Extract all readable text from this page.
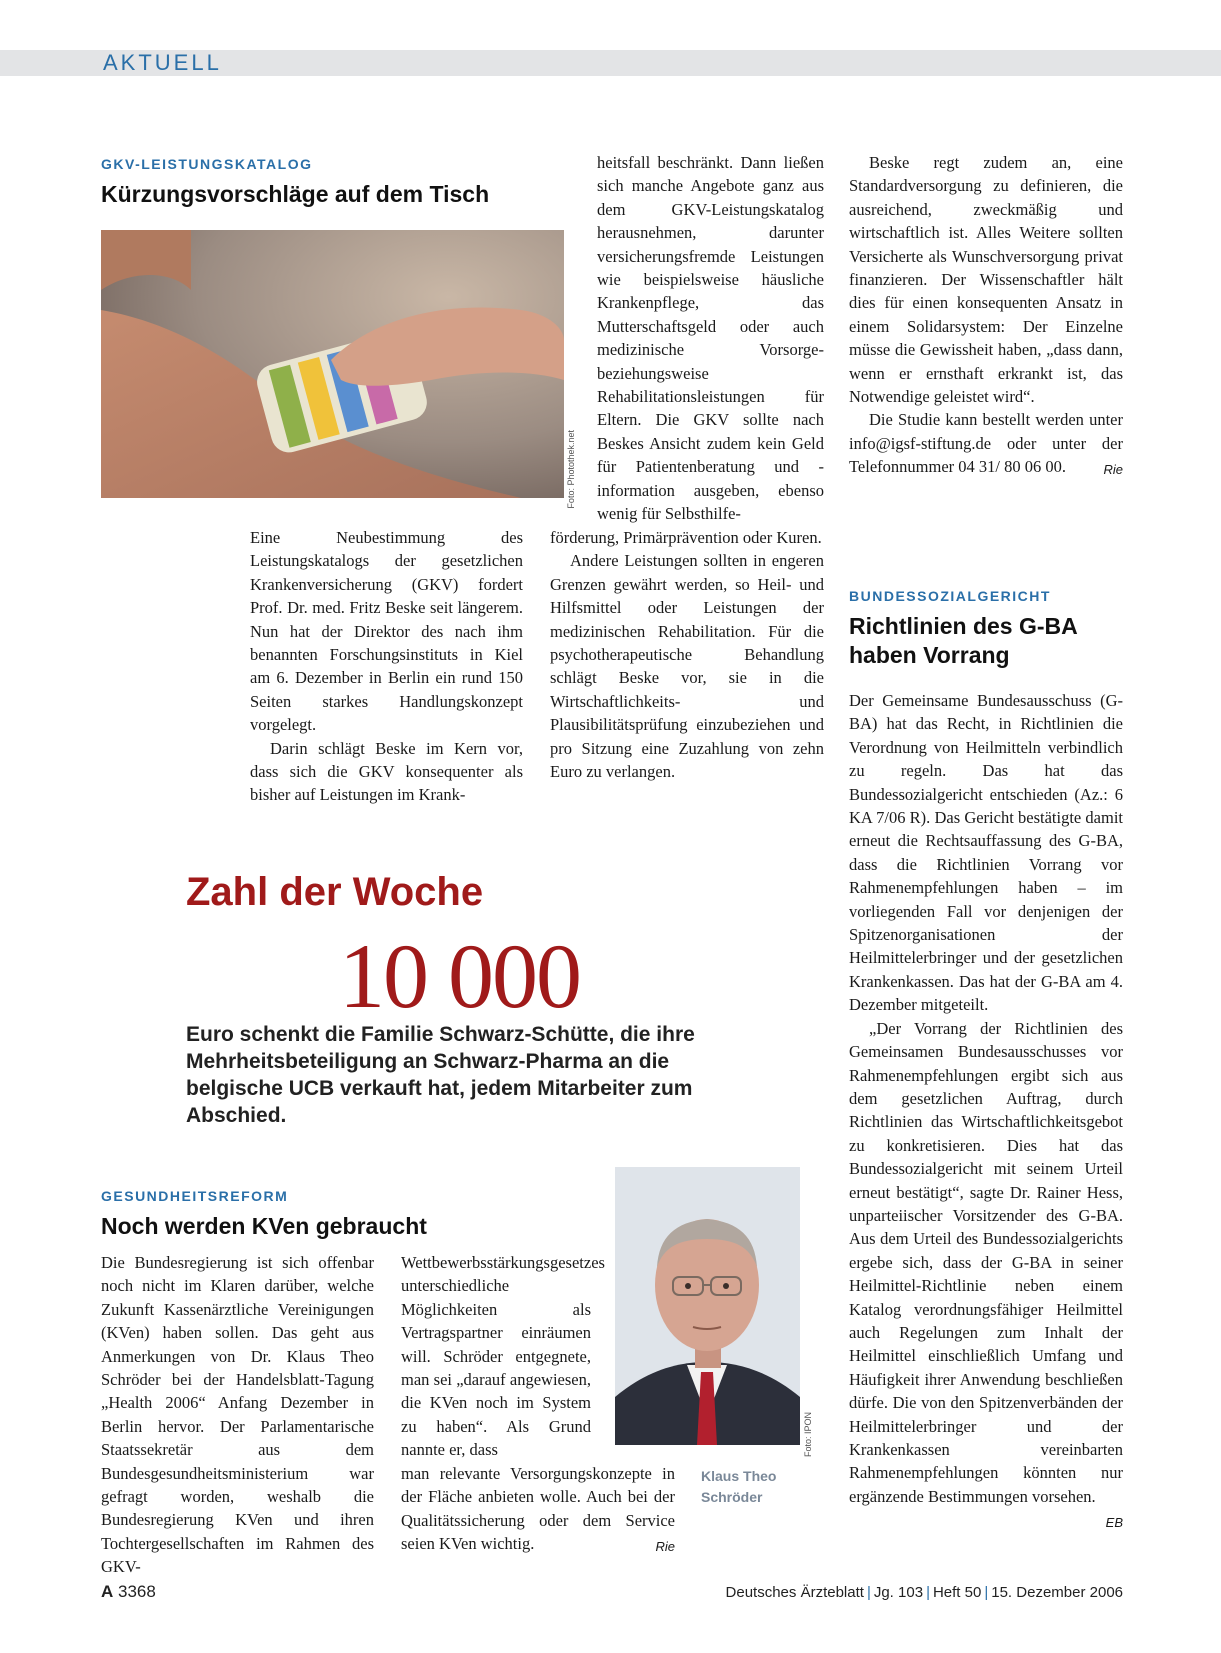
AKTUELL
GKV-LEISTUNGSKATALOG
Kürzungsvorschläge auf dem Tisch
Foto: Photothek.net

Eine Neubestimmung des Leistungskatalogs der gesetzlichen Krankenversicherung (GKV) fordert Prof. Dr. med. Fritz Beske seit längerem. Nun hat der Direktor des nach ihm benannten Forschungsinstituts in Kiel am 6. Dezember in Berlin ein rund 150 Seiten starkes Handlungskonzept vorgelegt.

Darin schlägt Beske im Kern vor, dass sich die GKV konsequenter als bisher auf Leistungen im Krank-

heitsfall beschränkt. Dann ließen sich manche Angebote ganz aus dem GKV-Leistungskatalog herausnehmen, darunter versicherungsfremde Leistungen wie beispielsweise häusliche Krankenpflege, das Mutterschaftsgeld oder auch medizinische Vorsorge- beziehungsweise Rehabilitationsleistungen für Eltern. Die GKV sollte nach Beskes Ansicht zudem kein Geld für Patientenberatung und -information ausgeben, ebenso wenig für Selbsthilfe-

förderung, Primärprävention oder Kuren.

Andere Leistungen sollten in engeren Grenzen gewährt werden, so Heil- und Hilfsmittel oder Leistungen der medizinischen Rehabilitation. Für die psychotherapeutische Behandlung schlägt Beske vor, sie in die Wirtschaftlichkeits- und Plausibilitätsprüfung einzubeziehen und pro Sitzung eine Zuzahlung von zehn Euro zu verlangen.

Beske regt zudem an, eine Standardversorgung zu definieren, die ausreichend, zweckmäßig und wirtschaftlich ist. Alles Weitere sollten Versicherte als Wunschversorgung privat finanzieren. Der Wissenschaftler hält dies für einen konsequenten Ansatz in einem Solidarsystem: Der Einzelne müsse die Gewissheit haben, „dass dann, wenn er ernsthaft erkrankt ist, das Notwendige geleistet wird“.

Die Studie kann bestellt werden unter info@igsf-stiftung.de oder unter der Telefonnummer 04 31/ 80 06 00.	Rie

BUNDESSOZIALGERICHT
Richtlinien des G-BA
haben Vorrang

Der Gemeinsame Bundesausschuss (G-BA) hat das Recht, in Richtlinien die Verordnung von Heilmitteln verbindlich zu regeln. Das hat das Bundessozialgericht entschieden (Az.: 6 KA 7/06 R). Das Gericht bestätigte damit erneut die Rechtsauffassung des G-BA, dass die Richtlinien Vorrang vor Rahmenempfehlungen haben – im vorliegenden Fall vor denjenigen der Spitzenorganisationen der Heilmittelerbringer und der gesetzlichen Krankenkassen. Das hat der G-BA am 4. Dezember mitgeteilt.

„Der Vorrang der Richtlinien des Gemeinsamen Bundesausschusses vor Rahmenempfehlungen ergibt sich aus dem gesetzlichen Auftrag, durch Richtlinien das Wirtschaftlichkeitsgebot zu konkretisieren. Dies hat das Bundessozialgericht mit seinem Urteil erneut bestätigt“, sagte Dr. Rainer Hess, unparteiischer Vorsitzender des G-BA. Aus dem Urteil des Bundessozialgerichts ergebe sich, dass der G-BA in seiner Heilmittel-Richtlinie neben einem Katalog verordnungsfähiger Heilmittel auch Regelungen zum Inhalt der Heilmittel einschließlich Umfang und Häufigkeit ihrer Anwendung beschließen dürfe. Die von den Spitzenverbänden der Heilmittelerbringer und der Krankenkassen vereinbarten Rahmenempfehlungen könnten nur ergänzende Bestimmungen vorsehen.
EB

Zahl der Woche
10 000
Euro schenkt die Familie Schwarz-Schütte, die ihre Mehrheitsbeteiligung an Schwarz-Pharma an die belgische UCB verkauft hat, jedem Mitarbeiter zum Abschied.
GESUNDHEITSREFORM
Noch werden KVen gebraucht

Die Bundesregierung ist sich offenbar noch nicht im Klaren darüber, welche Zukunft Kassenärztliche Vereinigungen (KVen) haben sollen. Das geht aus Anmerkungen von Dr. Klaus Theo Schröder bei der Handelsblatt-Tagung „Health 2006“ Anfang Dezember in Berlin hervor. Der Parlamentarische Staatssekretär aus dem Bundesgesundheitsministerium war gefragt worden, weshalb die Bundesregierung KVen und ihren Tochtergesellschaften im Rahmen des GKV-

Wettbewerbsstärkungsgesetzes unterschiedliche Möglichkeiten als Vertragspartner einräumen will. Schröder entgegnete, man sei „darauf angewiesen, die KVen noch im System zu haben“. Als Grund nannte er, dass

man relevante Versorgungskonzepte in der Fläche anbieten wolle. Auch bei der Qualitätssicherung oder dem Service seien KVen wichtig.	Rie

Foto: IPON
Klaus Theo
Schröder
A 3368	Deutsches Ärzteblatt | Jg. 103 | Heft 50 | 15. Dezember 2006
